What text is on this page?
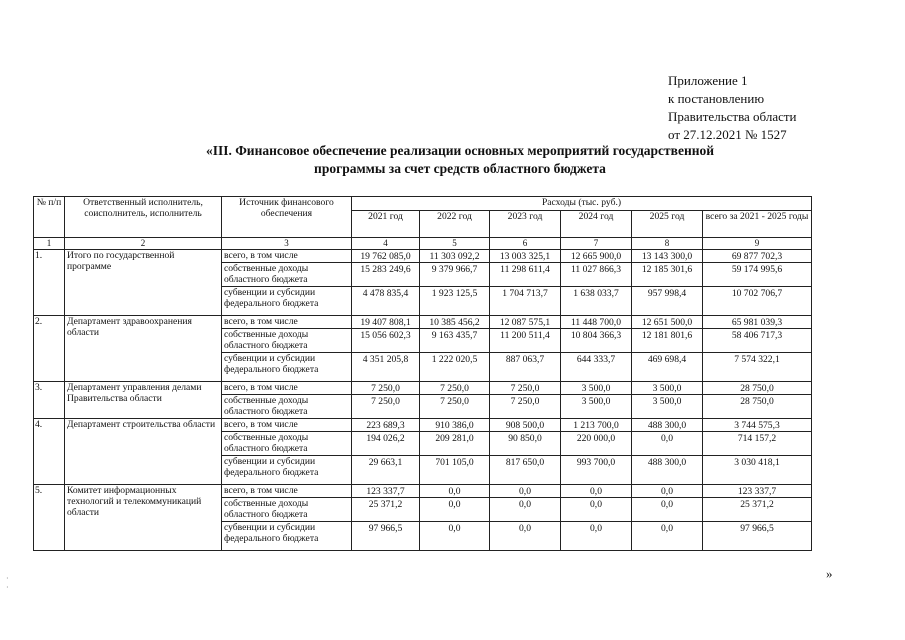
Приложение 1
к постановлению
Правительства области
от 27.12.2021 № 1527
«III. Финансовое обеспечение реализации основных мероприятий государственной
программы за счет средств областного бюджета
№ п/п	Ответственный исполнитель, соисполнитель, исполнитель	Источник финансового обеспечения	Расходы (тыс. руб.)					
			2021 год	2022 год	2023 год	2024 год	2025 год	всего за 2021 - 2025 годы
1	2	3	4	5	6	7	8	9
1.	Итого по государственной программе	всего, в том числе	19 762 085,0	11 303 092,2	13 003 325,1	12 665 900,0	13 143 300,0	69 877 702,3
		собственные доходы областного бюджета	15 283 249,6	9 379 966,7	11 298 611,4	11 027 866,3	12 185 301,6	59 174 995,6
		субвенции и субсидии федерального бюджета	4 478 835,4	1 923 125,5	1 704 713,7	1 638 033,7	957 998,4	10 702 706,7
2.	Департамент здравоохранения области	всего, в том числе	19 407 808,1	10 385 456,2	12 087 575,1	11 448 700,0	12 651 500,0	65 981 039,3
		собственные доходы областного бюджета	15 056 602,3	9 163 435,7	11 200 511,4	10 804 366,3	12 181 801,6	58 406 717,3
		субвенции и субсидии федерального бюджета	4 351 205,8	1 222 020,5	887 063,7	644 333,7	469 698,4	7 574 322,1
3.	Департамент управления делами Правительства области	всего, в том числе	7 250,0	7 250,0	7 250,0	3 500,0	3 500,0	28 750,0
		собственные доходы областного бюджета	7 250,0	7 250,0	7 250,0	3 500,0	3 500,0	28 750,0
4.	Департамент строительства области	всего, в том числе	223 689,3	910 386,0	908 500,0	1 213 700,0	488 300,0	3 744 575,3
		собственные доходы областного бюджета	194 026,2	209 281,0	90 850,0	220 000,0	0,0	714 157,2
		субвенции и субсидии федерального бюджета	29 663,1	701 105,0	817 650,0	993 700,0	488 300,0	3 030 418,1
5.	Комитет информационных технологий и телекоммуникаций области	всего, в том числе	123 337,7	0,0	0,0	0,0	0,0	123 337,7
		собственные доходы областного бюджета	25 371,2	0,0	0,0	0,0	0,0	25 371,2
		субвенции и субсидии федерального бюджета	97 966,5	0,0	0,0	0,0	0,0	97 966,5
»
·
·
